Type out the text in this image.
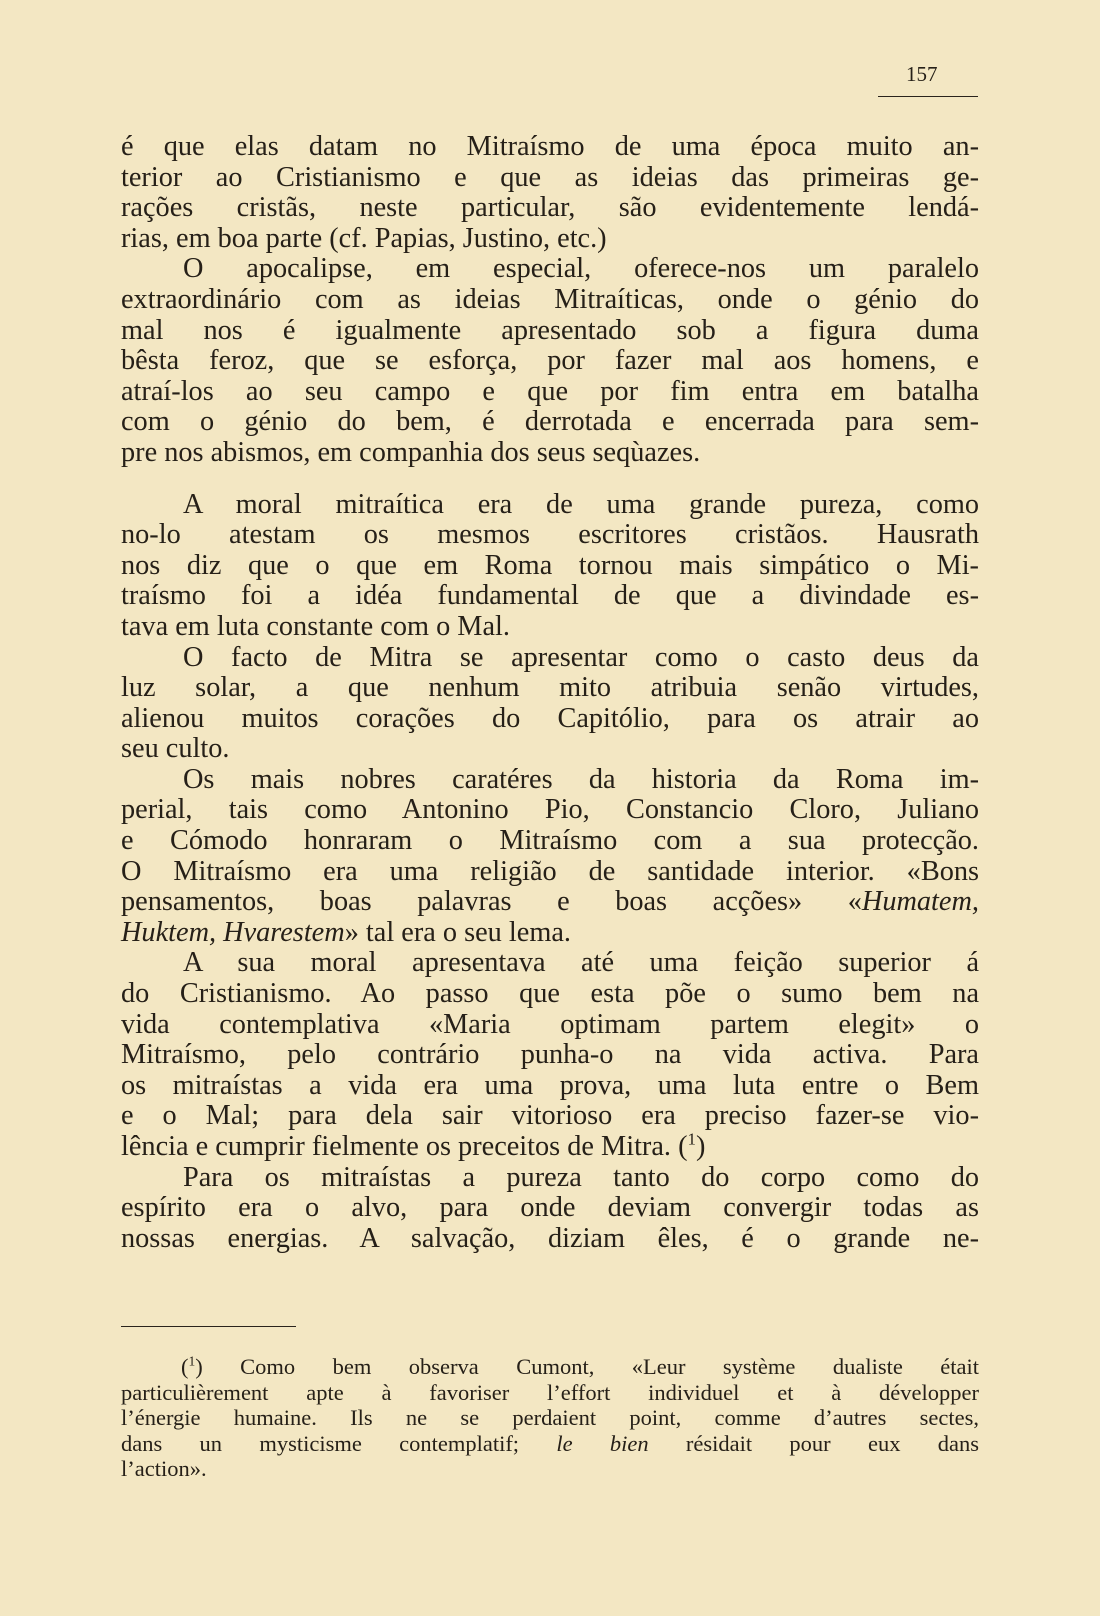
157
é que elas datam no Mitraísmo de uma época muito an-
terior ao Cristianismo e que as ideias das primeiras ge-
rações cristãs, neste particular, são evidentemente lendá-
rias, em boa parte (cf. Papias, Justino, etc.)
O apocalipse, em especial, oferece-nos um paralelo
extraordinário com as ideias Mitraíticas, onde o génio do
mal nos é igualmente apresentado sob a figura duma
bêsta feroz, que se esforça, por fazer mal aos homens, e
atraí-los ao seu campo e que por fim entra em batalha
com o génio do bem, é derrotada e encerrada para sem-
pre nos abismos, em companhia dos seus seqùazes.
A moral mitraítica era de uma grande pureza, como
no-lo atestam os mesmos escritores cristãos. Hausrath
nos diz que o que em Roma tornou mais simpático o Mi-
traísmo foi a idéa fundamental de que a divindade es-
tava em luta constante com o Mal.
O facto de Mitra se apresentar como o casto deus da
luz solar, a que nenhum mito atribuia senão virtudes,
alienou muitos corações do Capitólio, para os atrair ao
seu culto.
Os mais nobres caratéres da historia da Roma im-
perial, tais como Antonino Pio, Constancio Cloro, Juliano
e Cómodo honraram o Mitraísmo com a sua protecção.
O Mitraísmo era uma religião de santidade interior. «Bons
pensamentos, boas palavras e boas acções» «Humatem,
Huktem, Hvarestem» tal era o seu lema.
A sua moral apresentava até uma feição superior á
do Cristianismo. Ao passo que esta põe o sumo bem na
vida contemplativa «Maria optimam partem elegit» o
Mitraísmo, pelo contrário punha-o na vida activa. Para
os mitraístas a vida era uma prova, uma luta entre o Bem
e o Mal; para dela sair vitorioso era preciso fazer-se vio-
lência e cumprir fielmente os preceitos de Mitra. ($^1$)
Para os mitraístas a pureza tanto do corpo como do
espírito era o alvo, para onde deviam convergir todas as
nossas energias. A salvação, diziam êles, é o grande ne-
($^1$) Como bem observa Cumont, «Leur système dualiste était
particulièrement apte à favoriser l’effort individuel et à développer
l’énergie humaine. Ils ne se perdaient point, comme d’autres sectes,
dans un mysticisme contemplatif; le bien résidait pour eux dans
l’action».
